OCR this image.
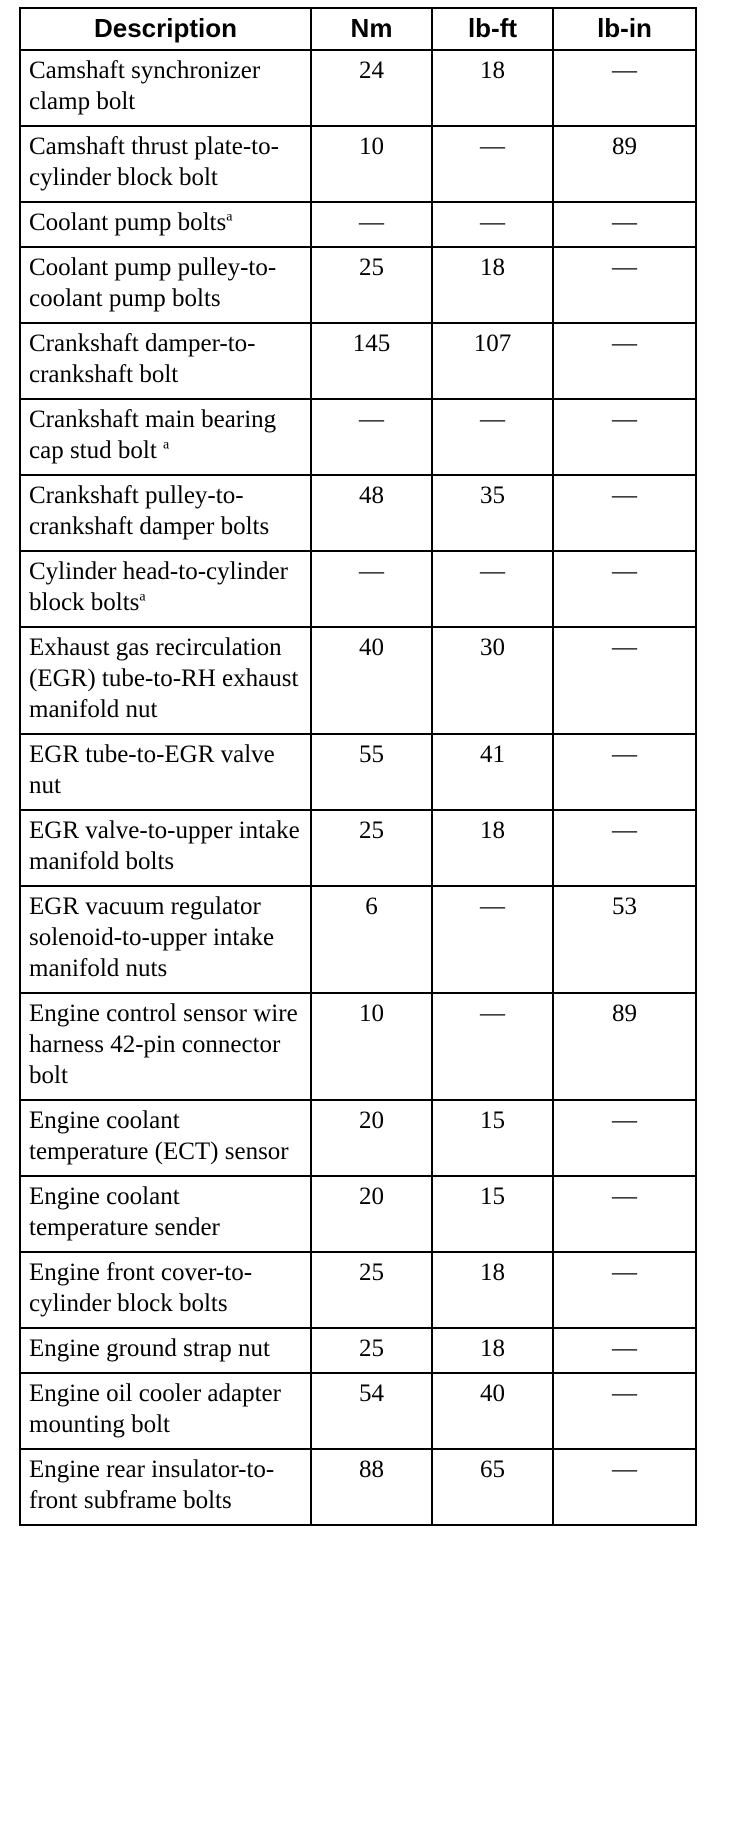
Description	Nm	lb-ft	lb-in
Camshaft synchronizer clamp bolt	24	18	—
Camshaft thrust plate-to-cylinder block bolt	10	—	89
Coolant pump bolts$^a$	—	—	—
Coolant pump pulley-to-coolant pump bolts	25	18	—
Crankshaft damper-to-crankshaft bolt	145	107	—
Crankshaft main bearing cap stud bolt $^a$	—	—	—
Crankshaft pulley-to-crankshaft damper bolts	48	35	—
Cylinder head-to-cylinder block bolts$^a$	—	—	—
Exhaust gas recirculation (EGR) tube-to-RH exhaust manifold nut	40	30	—
EGR tube-to-EGR valve nut	55	41	—
EGR valve-to-upper intake manifold bolts	25	18	—
EGR vacuum regulator solenoid-to-upper intake manifold nuts	6	—	53
Engine control sensor wire harness 42-pin connector bolt	10	—	89
Engine coolant temperature (ECT) sensor	20	15	—
Engine coolant temperature sender	20	15	—
Engine front cover-to-cylinder block bolts	25	18	—
Engine ground strap nut	25	18	—
Engine oil cooler adapter mounting bolt	54	40	—
Engine rear insulator-to-front subframe bolts	88	65	—
